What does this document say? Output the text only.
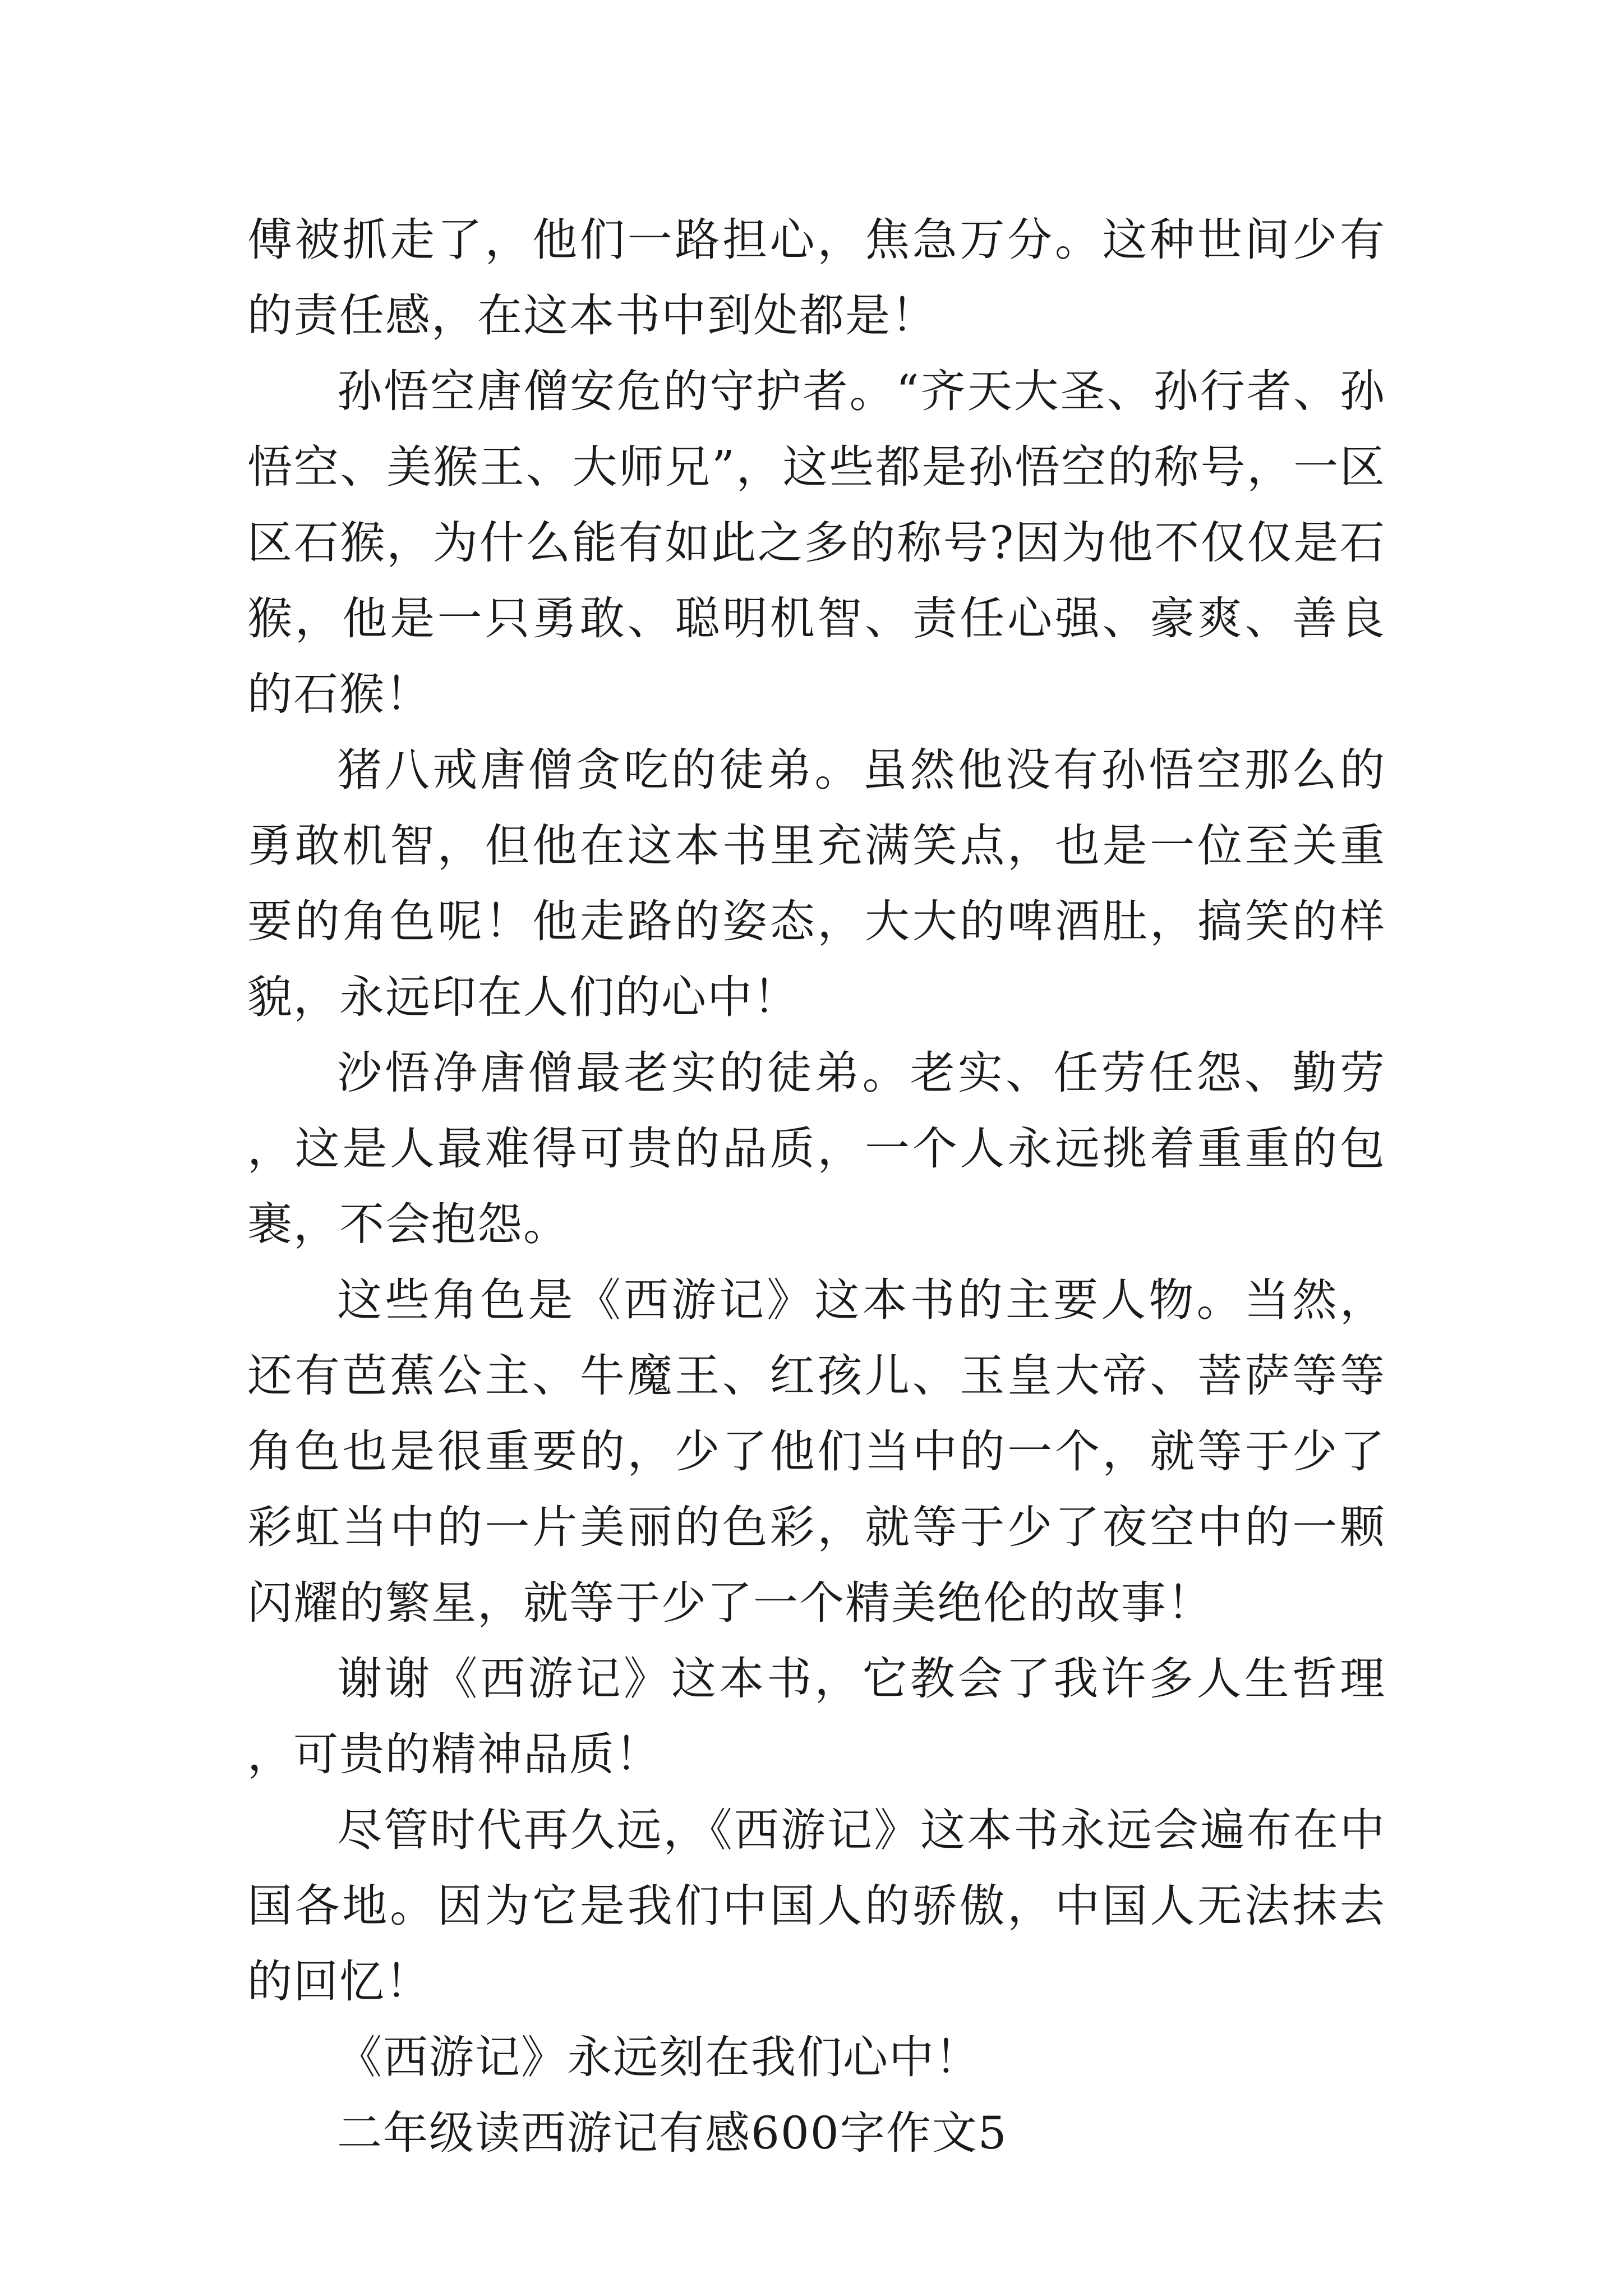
傅被抓走了，他们一路担心，焦急万分。这种世间少有的责任感，在这本书中到处都是！

孙悟空唐僧安危的守护者。“齐天大圣、孙行者、孙悟空、美猴王、大师兄”，这些都是孙悟空的称号，一区区石猴，为什么能有如此之多的称号?因为他不仅仅是石猴，他是一只勇敢、聪明机智、责任心强、豪爽、善良的石猴！

猪八戒唐僧贪吃的徒弟。虽然他没有孙悟空那么的勇敢机智，但他在这本书里充满笑点，也是一位至关重要的角色呢！他走路的姿态，大大的啤酒肚，搞笑的样貌，永远印在人们的心中！

沙悟净唐僧最老实的徒弟。老实、任劳任怨、勤劳，这是人最难得可贵的品质，一个人永远挑着重重的包裹，不会抱怨。

这些角色是《西游记》这本书的主要人物。当然，还有芭蕉公主、牛魔王、红孩儿、玉皇大帝、菩萨等等角色也是很重要的，少了他们当中的一个，就等于少了彩虹当中的一片美丽的色彩，就等于少了夜空中的一颗闪耀的繁星，就等于少了一个精美绝伦的故事！

谢谢《西游记》这本书，它教会了我许多人生哲理，可贵的精神品质！

尽管时代再久远，《西游记》这本书永远会遍布在中国各地。因为它是我们中国人的骄傲，中国人无法抹去的回忆！

《西游记》永远刻在我们心中！

二年级读西游记有感600字作文5
